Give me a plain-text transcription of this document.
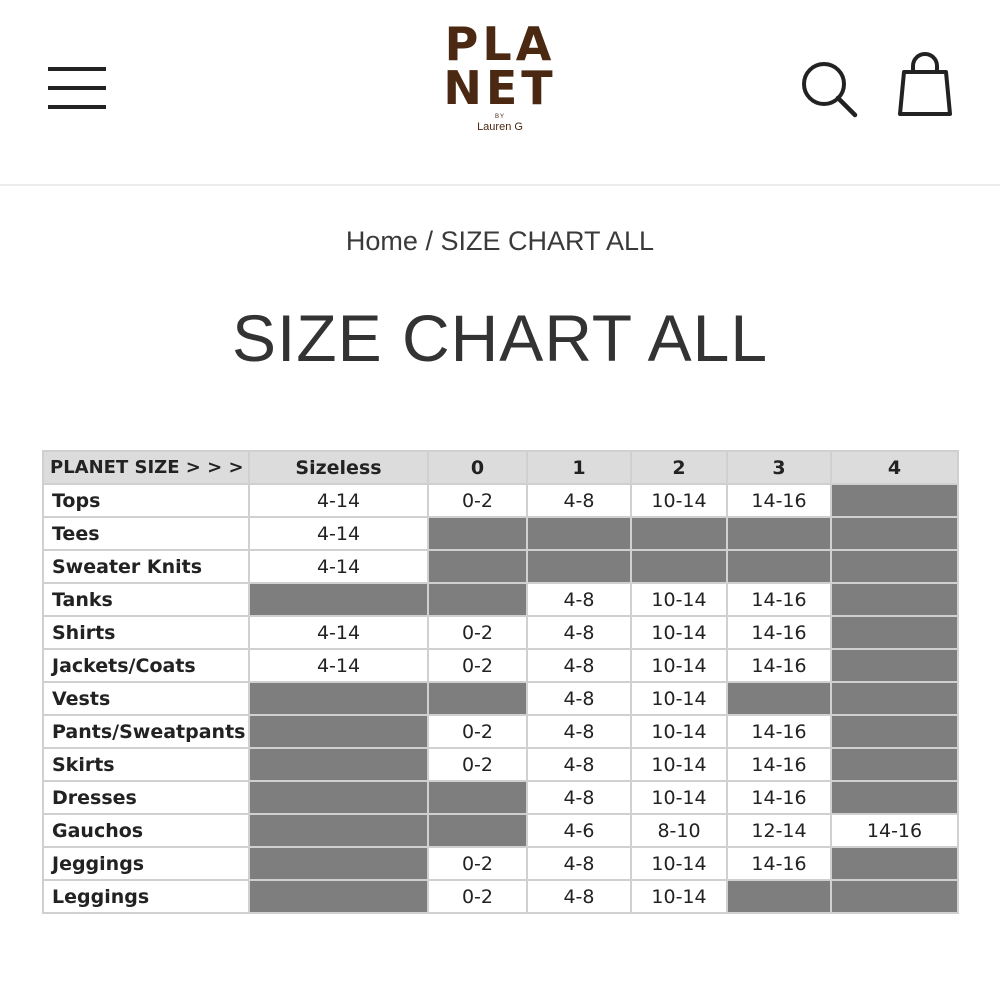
PLA
NET
BY
Lauren G
Home / SIZE CHART ALL
SIZE CHART ALL
PLANET SIZE > > >	Sizeless	0	1	2	3	4
Tops	4-14	0-2	4-8	10-14	14-16	
Tees	4-14					
Sweater Knits	4-14					
Tanks			4-8	10-14	14-16	
Shirts	4-14	0-2	4-8	10-14	14-16	
Jackets/Coats	4-14	0-2	4-8	10-14	14-16	
Vests			4-8	10-14		
Pants/Sweatpants		0-2	4-8	10-14	14-16	
Skirts		0-2	4-8	10-14	14-16	
Dresses			4-8	10-14	14-16	
Gauchos			4-6	8-10	12-14	14-16
Jeggings		0-2	4-8	10-14	14-16	
Leggings		0-2	4-8	10-14		
